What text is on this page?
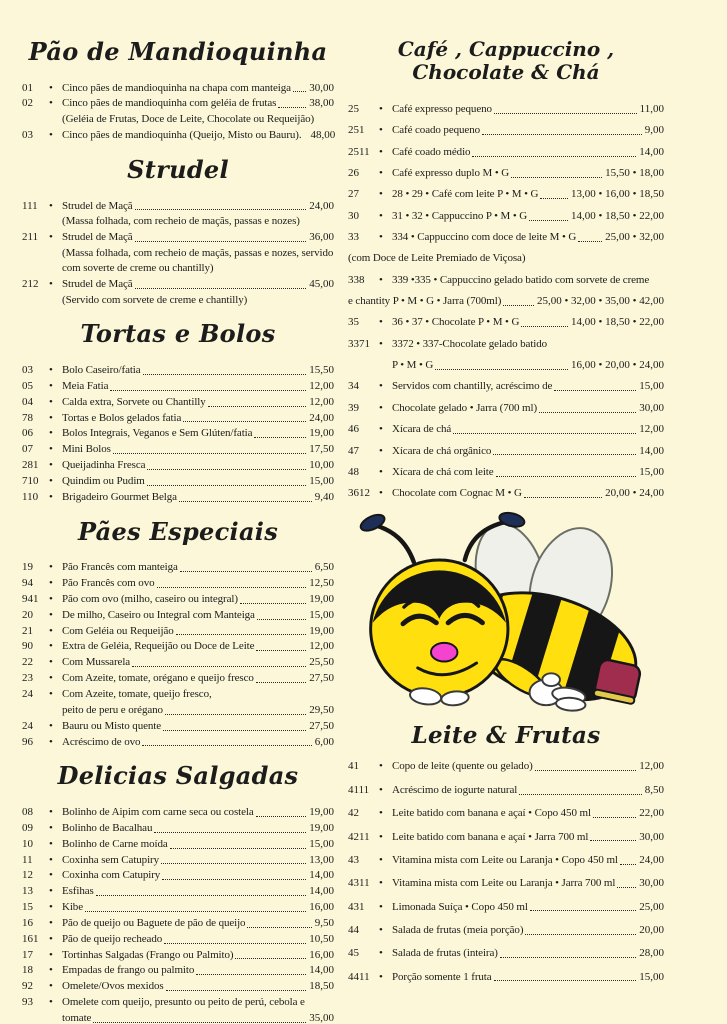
Pão de Mandioquinha
01	• Cinco pães de mandioquinha na chapa com manteiga 30,00
02	• Cinco pães de mandioquinha com geléia de frutas	38,00
(Geléia de Frutas, Doce de Leite, Chocolate ou Requeijão)
03	• Cinco pães de mandioquinha (Queijo, Misto ou Bauru). 48,00
Strudel
111	• Strudel de Maçã	24,00
(Massa folhada, com recheio de maçãs, passas e nozes)
211 • Strudel de Maçã	36,00
(Massa folhada, com recheio de maçãs, passas e nozes, servido com soverte de creme ou chantilly)
212 • Strudel de Maçã	45,00
(Servido com sorvete de creme e chantilly)
Tortas e Bolos
03	• Bolo Caseiro/fatia	15,50
05	• Meia Fatia	12,00
04	• Calda extra, Sorvete ou Chantilly	12,00
78	• Tortas e Bolos gelados fatia	24,00
06	• Bolos Integrais, Veganos e Sem Glúten/fatia	19,00
07	• Mini Bolos	17,50
281 • Queijadinha Fresca	10,00
710 • Quindim ou Pudim	15,00
110 • Brigadeiro Gourmet Belga	9,40
Pães Especiais
19	• Pão Francês com manteiga	6,50
94	• Pão Francês com ovo	12,50
941 • Pão com ovo (milho, caseiro ou integral)	19,00
20	• De milho, Caseiro ou Integral com Manteiga	15,00
21	• Com Geléia ou Requeijão	19,00
90	• Extra de Geléia, Requeijão ou Doce de Leite	12,00
22	• Com Mussarela	25,50
23	• Com Azeite, tomate, orégano e queijo fresco	27,50
24	• Com Azeite, tomate, queijo fresco,
peito de peru e orégano	29,50
24	• Bauru ou Misto quente	27,50
96	• Acréscimo de ovo	6,00
Delicias Salgadas
08	• Bolinho de Aipim com carne seca ou costela	19,00
09	• Bolinho de Bacalhau	19,00
10	• Bolinho de Carne moída	15,00
11	• Coxinha sem Catupiry	13,00
12	• Coxinha com Catupiry	14,00
13	• Esfihas	14,00
15	• Kibe	16,00
16	• Pão de queijo ou Baguete de pão de queijo	9,50
161 • Pão de queijo recheado	10,50
17	• Tortinhas Salgadas (Frango ou Palmito)	16,00
18	• Empadas de frango ou palmito	14,00
92	• Omelete/Ovos mexidos	18,50
93	• Omelete com queijo, presunto ou peito de perú, cebola e
tomate	35,00
Café , Cappuccino , Chocolate & Chá
25	• Café expresso pequeno	11,00
251	• Café coado pequeno	9,00
2511 • Café coado médio	14,00
26	• Café expresso duplo M • G	15,50 • 18,00
27	• 28 • 29 • Café com leite P • M • G	13,00 • 16,00 • 18,50
30	• 31 • 32 • Cappuccino P • M • G	14,00 • 18,50 • 22,00
33	• 334 • Cappuccino com doce de leite M • G	25,00 • 32,00
(com Doce de Leite Premiado de Viçosa)
338	• 339 •335 • Cappuccino gelado batido com sorvete de creme
e chantity P • M • G • Jarra (700ml)	25,00 • 32,00 • 35,00 • 42,00
35	• 36 • 37 • Chocolate P • M • G	14,00 • 18,50 • 22,00
3371 • 3372 • 337-Chocolate gelado batido
P • M • G	16,00 • 20,00 • 24,00
34	• Servidos com chantilly, acréscimo de	15,00
39	• Chocolate gelado • Jarra (700 ml)	30,00
46	• Xícara de chá	12,00
47	• Xícara de chá orgânico	14,00
48	• Xícara de chá com leite	15,00
3612 • Chocolate com Cognac M • G	20,00 • 24,00
Leite & Frutas
41	• Copo de leite (quente ou gelado)	12,00
4111 • Acréscimo de iogurte natural	8,50
42	• Leite batido com banana e açaí • Copo 450 ml	22,00
4211 • Leite batido com banana e açaí • Jarra 700 ml	30,00
43	• Vitamina mista com Leite ou Laranja • Copo 450 ml 24,00
4311 • Vitamina mista com Leite ou Laranja • Jarra 700 ml 30,00
431	• Limonada Suíça • Copo 450 ml	25,00
44	• Salada de frutas (meia porção)	20,00
45	• Salada de frutas (inteira)	28,00
4411 • Porção somente 1 fruta	15,00
